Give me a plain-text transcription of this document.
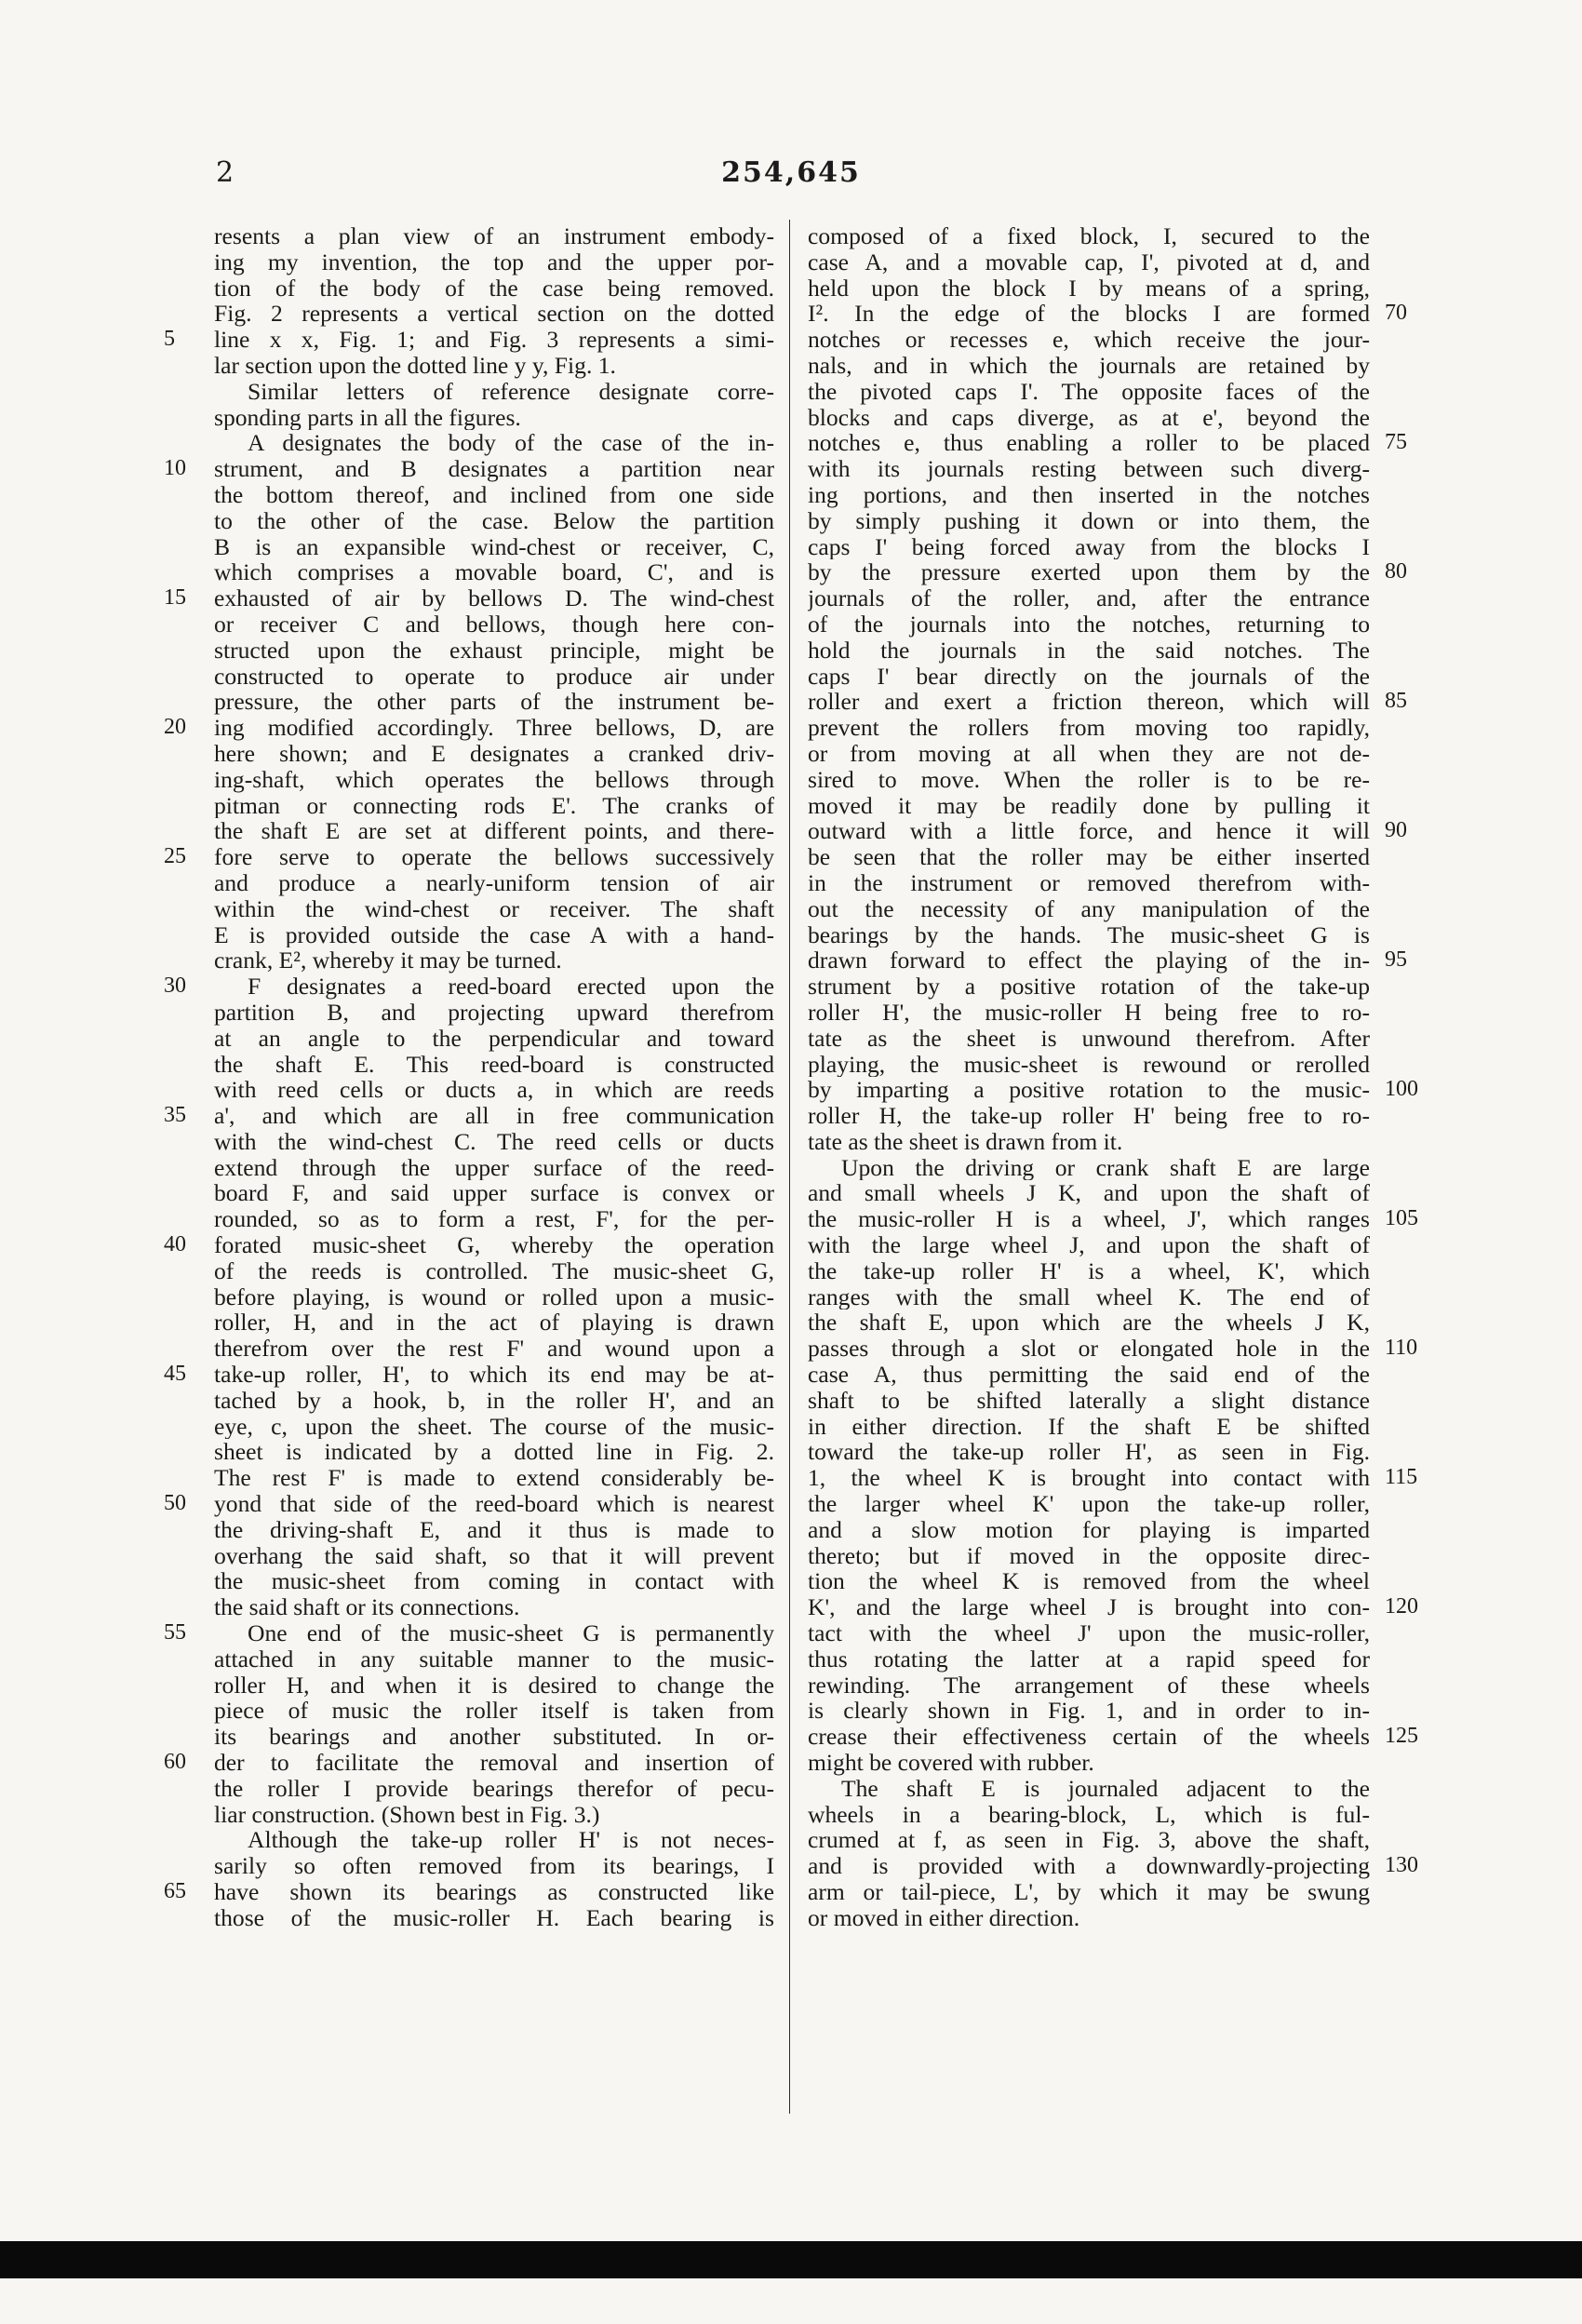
2	254,645
5
10
15
20
25
30
35
40
45
50
55
60
65
resents a plan view of an instrument embody-
ing my invention, the top and the upper por-
tion of the body of the case being removed.
Fig. 2 represents a vertical section on the dotted
line x x, Fig. 1; and Fig. 3 represents a simi-
lar section upon the dotted line y y, Fig. 1.
Similar letters of reference designate corre-
sponding parts in all the figures.
A designates the body of the case of the in-
strument, and B designates a partition near
the bottom thereof, and inclined from one side
to the other of the case. Below the partition
B is an expansible wind-chest or receiver, C,
which comprises a movable board, C', and is
exhausted of air by bellows D. The wind-chest
or receiver C and bellows, though here con-
structed upon the exhaust principle, might be
constructed to operate to produce air under
pressure, the other parts of the instrument be-
ing modified accordingly. Three bellows, D, are
here shown; and E designates a cranked driv-
ing-shaft, which operates the bellows through
pitman or connecting rods E'. The cranks of
the shaft E are set at different points, and there-
fore serve to operate the bellows successively
and produce a nearly-uniform tension of air
within the wind-chest or receiver. The shaft
E is provided outside the case A with a hand-
crank, E², whereby it may be turned.
F designates a reed-board erected upon the
partition B, and projecting upward therefrom
at an angle to the perpendicular and toward
the shaft E. This reed-board is constructed
with reed cells or ducts a, in which are reeds
a', and which are all in free communication
with the wind-chest C. The reed cells or ducts
extend through the upper surface of the reed-
board F, and said upper surface is convex or
rounded, so as to form a rest, F', for the per-
forated music-sheet G, whereby the operation
of the reeds is controlled. The music-sheet G,
before playing, is wound or rolled upon a music-
roller, H, and in the act of playing is drawn
therefrom over the rest F' and wound upon a
take-up roller, H', to which its end may be at-
tached by a hook, b, in the roller H', and an
eye, c, upon the sheet. The course of the music-
sheet is indicated by a dotted line in Fig. 2.
The rest F' is made to extend considerably be-
yond that side of the reed-board which is nearest
the driving-shaft E, and it thus is made to
overhang the said shaft, so that it will prevent
the music-sheet from coming in contact with
the said shaft or its connections.
One end of the music-sheet G is permanently
attached in any suitable manner to the music-
roller H, and when it is desired to change the
piece of music the roller itself is taken from
its bearings and another substituted. In or-
der to facilitate the removal and insertion of
the roller I provide bearings therefor of pecu-
liar construction. (Shown best in Fig. 3.)
Although the take-up roller H' is not neces-
sarily so often removed from its bearings, I
have shown its bearings as constructed like
those of the music-roller H. Each bearing is
composed of a fixed block, I, secured to the
case A, and a movable cap, I', pivoted at d, and
held upon the block I by means of a spring,
I². In the edge of the blocks I are formed
notches or recesses e, which receive the jour-
nals, and in which the journals are retained by
the pivoted caps I'. The opposite faces of the
blocks and caps diverge, as at e', beyond the
notches e, thus enabling a roller to be placed
with its journals resting between such diverg-
ing portions, and then inserted in the notches
by simply pushing it down or into them, the
caps I' being forced away from the blocks I
by the pressure exerted upon them by the
journals of the roller, and, after the entrance
of the journals into the notches, returning to
hold the journals in the said notches. The
caps I' bear directly on the journals of the
roller and exert a friction thereon, which will
prevent the rollers from moving too rapidly,
or from moving at all when they are not de-
sired to move. When the roller is to be re-
moved it may be readily done by pulling it
outward with a little force, and hence it will
be seen that the roller may be either inserted
in the instrument or removed therefrom with-
out the necessity of any manipulation of the
bearings by the hands. The music-sheet G is
drawn forward to effect the playing of the in-
strument by a positive rotation of the take-up
roller H', the music-roller H being free to ro-
tate as the sheet is unwound therefrom. After
playing, the music-sheet is rewound or rerolled
by imparting a positive rotation to the music-
roller H, the take-up roller H' being free to ro-
tate as the sheet is drawn from it.
Upon the driving or crank shaft E are large
and small wheels J K, and upon the shaft of
the music-roller H is a wheel, J', which ranges
with the large wheel J, and upon the shaft of
the take-up roller H' is a wheel, K', which
ranges with the small wheel K. The end of
the shaft E, upon which are the wheels J K,
passes through a slot or elongated hole in the
case A, thus permitting the said end of the
shaft to be shifted laterally a slight distance
in either direction. If the shaft E be shifted
toward the take-up roller H', as seen in Fig.
1, the wheel K is brought into contact with
the larger wheel K' upon the take-up roller,
and a slow motion for playing is imparted
thereto; but if moved in the opposite direc-
tion the wheel K is removed from the wheel
K', and the large wheel J is brought into con-
tact with the wheel J' upon the music-roller,
thus rotating the latter at a rapid speed for
rewinding. The arrangement of these wheels
is clearly shown in Fig. 1, and in order to in-
crease their effectiveness certain of the wheels
might be covered with rubber.
The shaft E is journaled adjacent to the
wheels in a bearing-block, L, which is ful-
crumed at f, as seen in Fig. 3, above the shaft,
and is provided with a downwardly-projecting
arm or tail-piece, L', by which it may be swung
or moved in either direction.
70
75
80
85
90
95
100
105
110
115
120
125
130
